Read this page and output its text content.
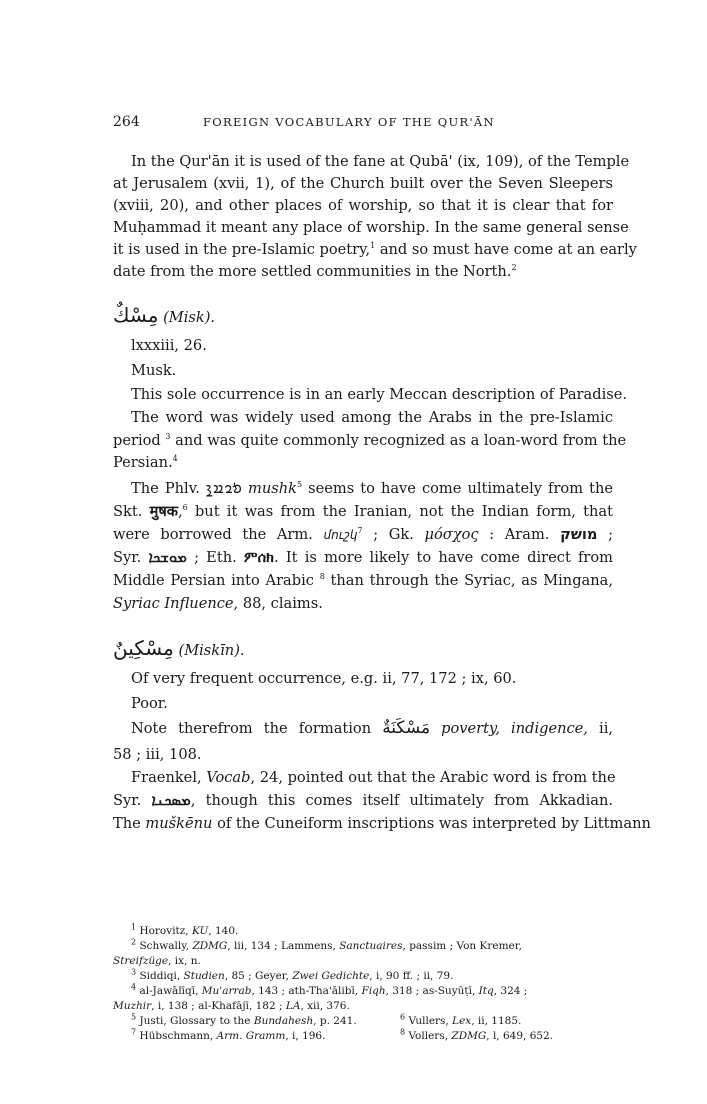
264	FOREIGN VOCABULARY OF THE QUR'ĀN
In the Qur'ān it is used of the fane at Qubā' (ix, 109), of the Temple
at Jerusalem (xvii, 1), of the Church built over the Seven Sleepers
(xviii, 20), and other places of worship, so that it is clear that for
Muḥammad it meant any place of worship. In the same general sense
it is used in the pre-Islamic poetry,$^1$ and so must have come at an early
date from the more settled communities in the North.$^2$
مِسْكٌ (Misk).
lxxxiii, 26.
Musk.
This sole occurrence is in an early Meccan description of Paradise.
The word was widely used among the Arabs in the pre-Islamic
period $^3$ and was quite commonly recognized as a loan-word from the
Persian.$^4$
The Phlv. 𐭬𐭥𐭱𐭪 mushk$^5$ seems to have come ultimately from the
Skt. मुषक,$^6$ but it was from the Iranian, not the Indian form, that
were borrowed the Arm. մուշկ$^7$ ; Gk. μόσχος : Aram. מושק ;
Syr. ܡܘܫܟܐ ; Eth. ምሰክ. It is more likely to have come direct from
Middle Persian into Arabic $^8$ than through the Syriac, as Mingana,
Syriac Influence, 88, claims.
مِسْكِينٌ (Miskīn).
Of very frequent occurrence, e.g. ii, 77, 172 ; ix, 60.
Poor.
Note therefrom the formation مَسْكَنَةٌ poverty, indigence, ii,
58 ; iii, 108.
Fraenkel, Vocab, 24, pointed out that the Arabic word is from the
Syr. ܡܣܟܢܐ, though this comes itself ultimately from Akkadian.
The muškēnu of the Cuneiform inscriptions was interpreted by Littmann
$^1$ Horovitz, KU, 140.
$^2$ Schwally, ZDMG, lii, 134 ; Lammens, Sanctuaires, passim ; Von Kremer,
Streifzüge, ix, n.
$^3$ Siddiqi, Studien, 85 ; Geyer, Zwei Gedichte, i, 90 ff. ; ii, 79.
$^4$ al-Jawālīqī, Mu'arrab, 143 ; ath-Tha'ālibī, Fiqh, 318 ; as-Suyūṭī, Itq, 324 ;
Muzhir, i, 138 ; al-Khafājī, 182 ; LA, xii, 376.
$^5$ Justi, Glossary to the Bundahesh, p. 241.	$^6$ Vullers, Lex, ii, 1185.
$^7$ Hübschmann, Arm. Gramm, i, 196.	$^8$ Vollers, ZDMG, l, 649, 652.
